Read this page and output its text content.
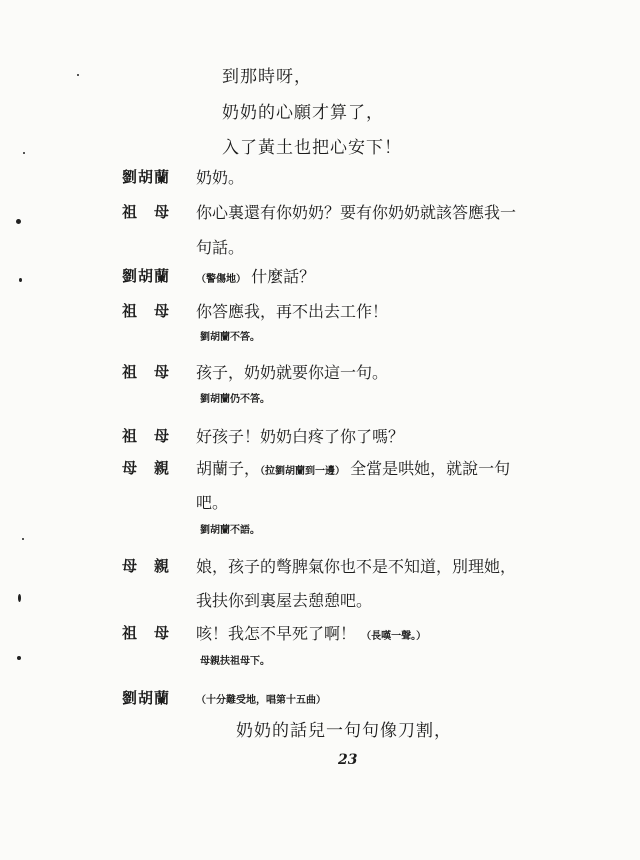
到那時呀，
奶奶的心願才算了，
入了黃土也把心安下！
劉胡蘭 奶奶。
祖　母 你心裏還有你奶奶？要有你奶奶就該答應我一
句話。
劉胡蘭	（警傷地） 什麼話？
祖　母 你答應我，再不出去工作！
劉胡蘭不答。
祖　母 孩子，奶奶就要你這一句。
劉胡蘭仍不答。
祖　母 好孩子！奶奶白疼了你了嗎？
母　親 胡蘭子，（拉劉胡蘭到一邊） 全當是哄她，就說一句
吧。
劉胡蘭不語。
母　親 娘，孩子的彆脾氣你也不是不知道，別理她，
我扶你到裏屋去憩憩吧。
祖　母 咳！我怎不早死了啊！ （長嘆一聲。）
母親扶祖母下。
劉胡蘭	（十分難受地，唱第十五曲）
奶奶的話兒一句句像刀割，
23
